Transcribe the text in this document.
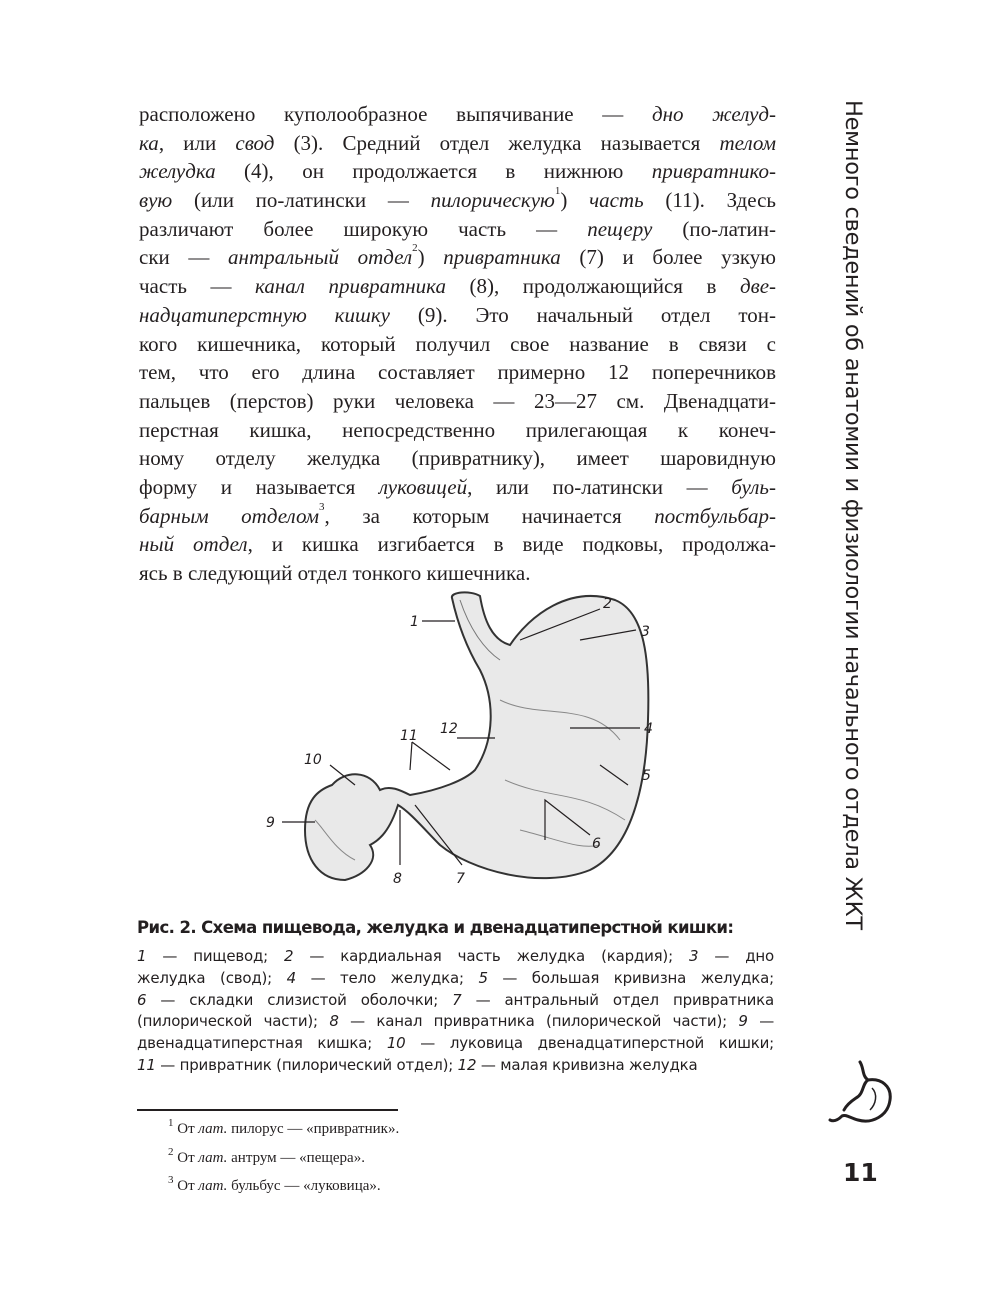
Немного сведений об анатомии и физиологии начального отдела ЖКТ
расположено куполообразное выпячивание — дно желуд-
ка, или свод (3). Средний отдел желудка называется телом
желудка (4), он продолжается в нижнюю привратнико-
вую (или по-латински — пилорическую$^1$) часть (11). Здесь
различают более широкую часть — пещеру (по-латин-
ски — антральный отдел$^2$) привратника (7) и более узкую
часть — канал привратника (8), продолжающийся в две-
надцатиперстную кишку (9). Это начальный отдел тон-
кого кишечника, который получил свое название в связи с
тем, что его длина составляет примерно 12 поперечников
пальцев (перстов) руки человека — 23—27 см. Двенадцати-
перстная кишка, непосредственно прилегающая к конеч-
ному отделу желудка (привратнику), имеет шаровидную
форму и называется луковицей, или по-латински — буль-
барным отделом$^3$, за которым начинается постбульбар-
ный отдел, и кишка изгибается в виде подковы, продолжа-
ясь в следующий отдел тонкого кишечника.
1
2
3
4
5
6
7
8
9
10
11 12
Рис. 2. Схема пищевода, желудка и двенадцатиперстной кишки:
1 — пищевод; 2 — кардиальная часть желудка (кардия); 3 — дно
желудка (свод); 4 — тело желудка; 5 — большая кривизна желудка;
6 — складки слизистой оболочки; 7 — антральный отдел привратника
(пилорической части); 8 — канал привратника (пилорической части); 9 —
двенадцатиперстная кишка; 10 — луковица двенадцатиперстной кишки;
11 — привратник (пилорический отдел); 12 — малая кривизна желудка
$^1$ От лат. пилорус — «привратник».
$^2$ От лат. антрум — «пещера».
$^3$ От лат. бульбус — «луковица».	11
